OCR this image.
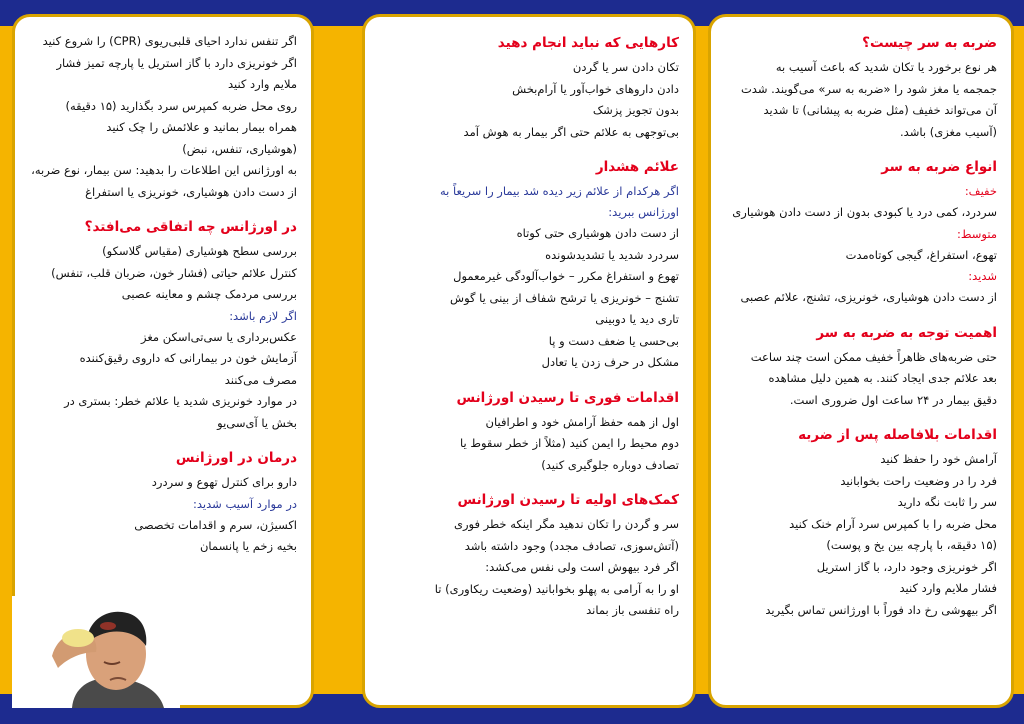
ضربه به سر چیست؟
هر نوع برخورد یا تکان شدید که باعث آسیب به
جمجمه یا مغز شود را «ضربه به سر» می‌گویند. شدت
آن می‌تواند خفیف (مثل ضربه به پیشانی) تا شدید
(آسیب مغزی) باشد.
انواع ضربه به سر
خفیف:
سردرد، کمی درد یا کبودی بدون از دست دادن هوشیاری
متوسط:
تهوع، استفراغ، گیجی کوتاه‌مدت
شدید:
از دست دادن هوشیاری، خونریزی، تشنج، علائم عصبی
اهمیت توجه به ضربه به سر
حتی ضربه‌های ظاهراً خفیف ممکن است چند ساعت
بعد علائم جدی ایجاد کنند. به همین دلیل مشاهده
دقیق بیمار در ۲۴ ساعت اول ضروری است.
اقدامات بلافاصله پس از ضربه
آرامش خود را حفظ کنید
فرد را در وضعیت راحت بخوابانید
سر را ثابت نگه دارید
محل ضربه را با کمپرس سرد آرام خنک کنید
(۱۵ دقیقه، با پارچه بین یخ و پوست)
اگر خونریزی وجود دارد، با گاز استریل
فشار ملایم وارد کنید
اگر بیهوشی رخ داد فوراً با اورژانس تماس بگیرید
کارهایی که نباید انجام دهید
تکان دادن سر یا گردن
دادن داروهای خواب‌آور یا آرام‌بخش
بدون تجویز پزشک
بی‌توجهی به علائم حتی اگر بیمار به هوش آمد
علائم هشدار
اگر هرکدام از علائم زیر دیده شد بیمار را سریعاً به
اورژانس ببرید:
از دست دادن هوشیاری حتی کوتاه
سردرد شدید یا تشدیدشونده
تهوع و استفراغ مکرر – خواب‌آلودگی غیرمعمول
تشنج – خونریزی یا ترشح شفاف از بینی یا گوش
تاری دید یا دوبینی
بی‌حسی یا ضعف دست و پا
مشکل در حرف زدن یا تعادل
اقدامات فوری تا رسیدن اورژانس
اول از همه حفظ آرامش خود و اطرافیان
دوم محیط را ایمن کنید (مثلاً از خطر سقوط یا
تصادف دوباره جلوگیری کنید)
کمک‌های اولیه تا رسیدن اورژانس
سر و گردن را تکان ندهید مگر اینکه خطر فوری
(آتش‌سوزی، تصادف مجدد) وجود داشته باشد
اگر فرد بیهوش است ولی نفس می‌کشد:
او را به آرامی به پهلو بخوابانید (وضعیت ریکاوری) تا
راه تنفسی باز بماند
اگر تنفس ندارد احیای قلبی‌ریوی (CPR) را شروع کنید
اگر خونریزی دارد با گاز استریل یا پارچه تمیز فشار
ملایم وارد کنید
روی محل ضربه کمپرس سرد بگذارید (۱۵ دقیقه)
همراه بیمار بمانید و علائمش را چک کنید
(هوشیاری، تنفس، نبض)
به اورژانس این اطلاعات را بدهید: سن بیمار، نوع ضربه،
از دست دادن هوشیاری، خونریزی یا استفراغ
در اورژانس چه اتفاقی می‌افتد؟
بررسی سطح هوشیاری (مقیاس گلاسکو)
کنترل علائم حیاتی (فشار خون، ضربان قلب، تنفس)
بررسی مردمک چشم و معاینه عصبی
اگر لازم باشد:
عکس‌برداری یا سی‌تی‌اسکن مغز
آزمایش خون در بیمارانی که داروی رقیق‌کننده
مصرف می‌کنند
در موارد خونریزی شدید یا علائم خطر: بستری در
بخش یا آی‌سی‌یو
درمان در اورژانس
دارو برای کنترل تهوع و سردرد
در موارد آسیب شدید:
اکسیژن، سرم و اقدامات تخصصی
بخیه زخم یا پانسمان
